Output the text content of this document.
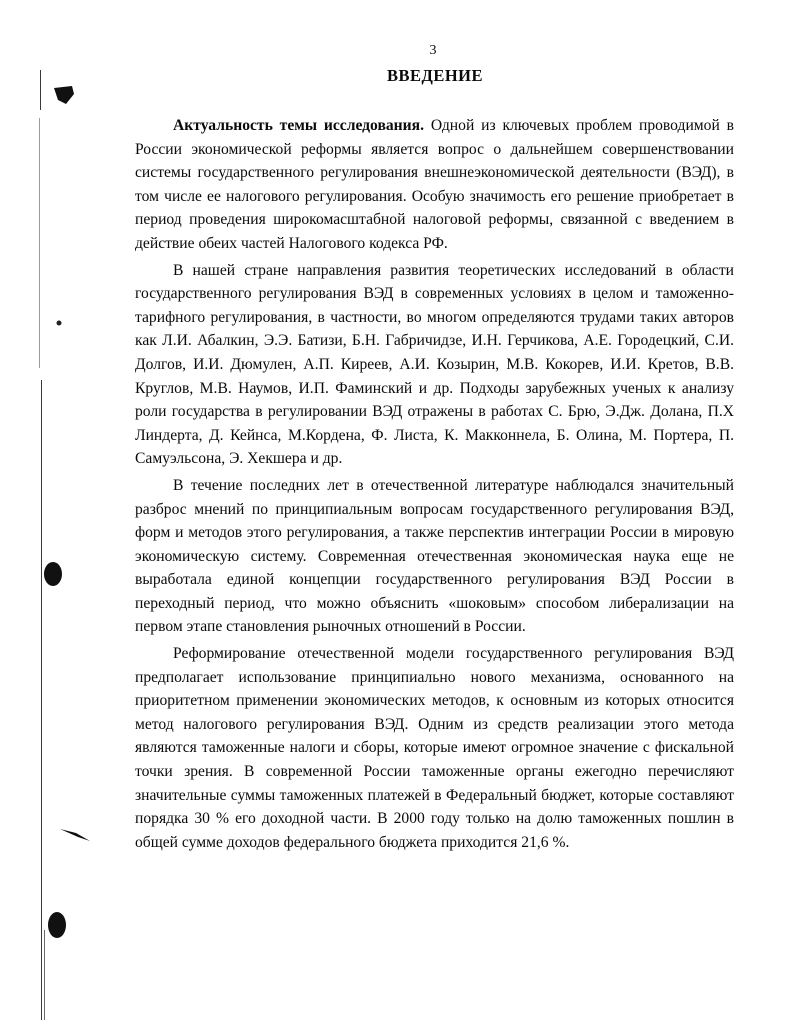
3
ВВЕДЕНИЕ

Актуальность темы исследования. Одной из ключевых проблем проводимой в России экономической реформы является вопрос о дальнейшем совершенствовании системы государственного регулирования внешнеэкономической деятельности (ВЭД), в том числе ее налогового регулирования. Особую значимость его решение приобретает в период проведения широкомасштабной налоговой реформы, связанной с введением в действие обеих частей Налогового кодекса РФ.

В нашей стране направления развития теоретических исследований в области государственного регулирования ВЭД в современных условиях в целом и таможенно-тарифного регулирования, в частности, во многом определяются трудами таких авторов как Л.И. Абалкин, Э.Э. Батизи, Б.Н. Габричидзе, И.Н. Герчикова, А.Е. Городецкий, С.И. Долгов, И.И. Дюмулен, А.П. Киреев, А.И. Козырин, М.В. Кокорев, И.И. Кретов, В.В. Круглов, М.В. Наумов, И.П. Фаминский и др. Подходы зарубежных ученых к анализу роли государства в регулировании ВЭД отражены в работах С. Брю, Э.Дж. Долана, П.Х Линдерта, Д. Кейнса, М.Кордена, Ф. Листа, К. Макконнела, Б. Олина, М. Портера, П. Самуэльсона, Э. Хекшера и др.

В течение последних лет в отечественной литературе наблюдался значительный разброс мнений по принципиальным вопросам государственного регулирования ВЭД, форм и методов этого регулирования, а также перспектив интеграции России в мировую экономическую систему. Современная отечественная экономическая наука еще не выработала единой концепции государственного регулирования ВЭД России в переходный период, что можно объяснить «шоковым» способом либерализации на первом этапе становления рыночных отношений в России.

Реформирование отечественной модели государственного регулирования ВЭД предполагает использование принципиально нового механизма, основанного на приоритетном применении экономических методов, к основным из которых относится метод налогового регулирования ВЭД. Одним из средств реализации этого метода являются таможенные налоги и сборы, которые имеют огромное значение с фискальной точки зрения. В современной России таможенные органы ежегодно перечисляют значительные суммы таможенных платежей в Федеральный бюджет, которые составляют порядка 30 % его доходной части. В 2000 году только на долю таможенных пошлин в общей сумме доходов федерального бюджета приходится 21,6 %.
